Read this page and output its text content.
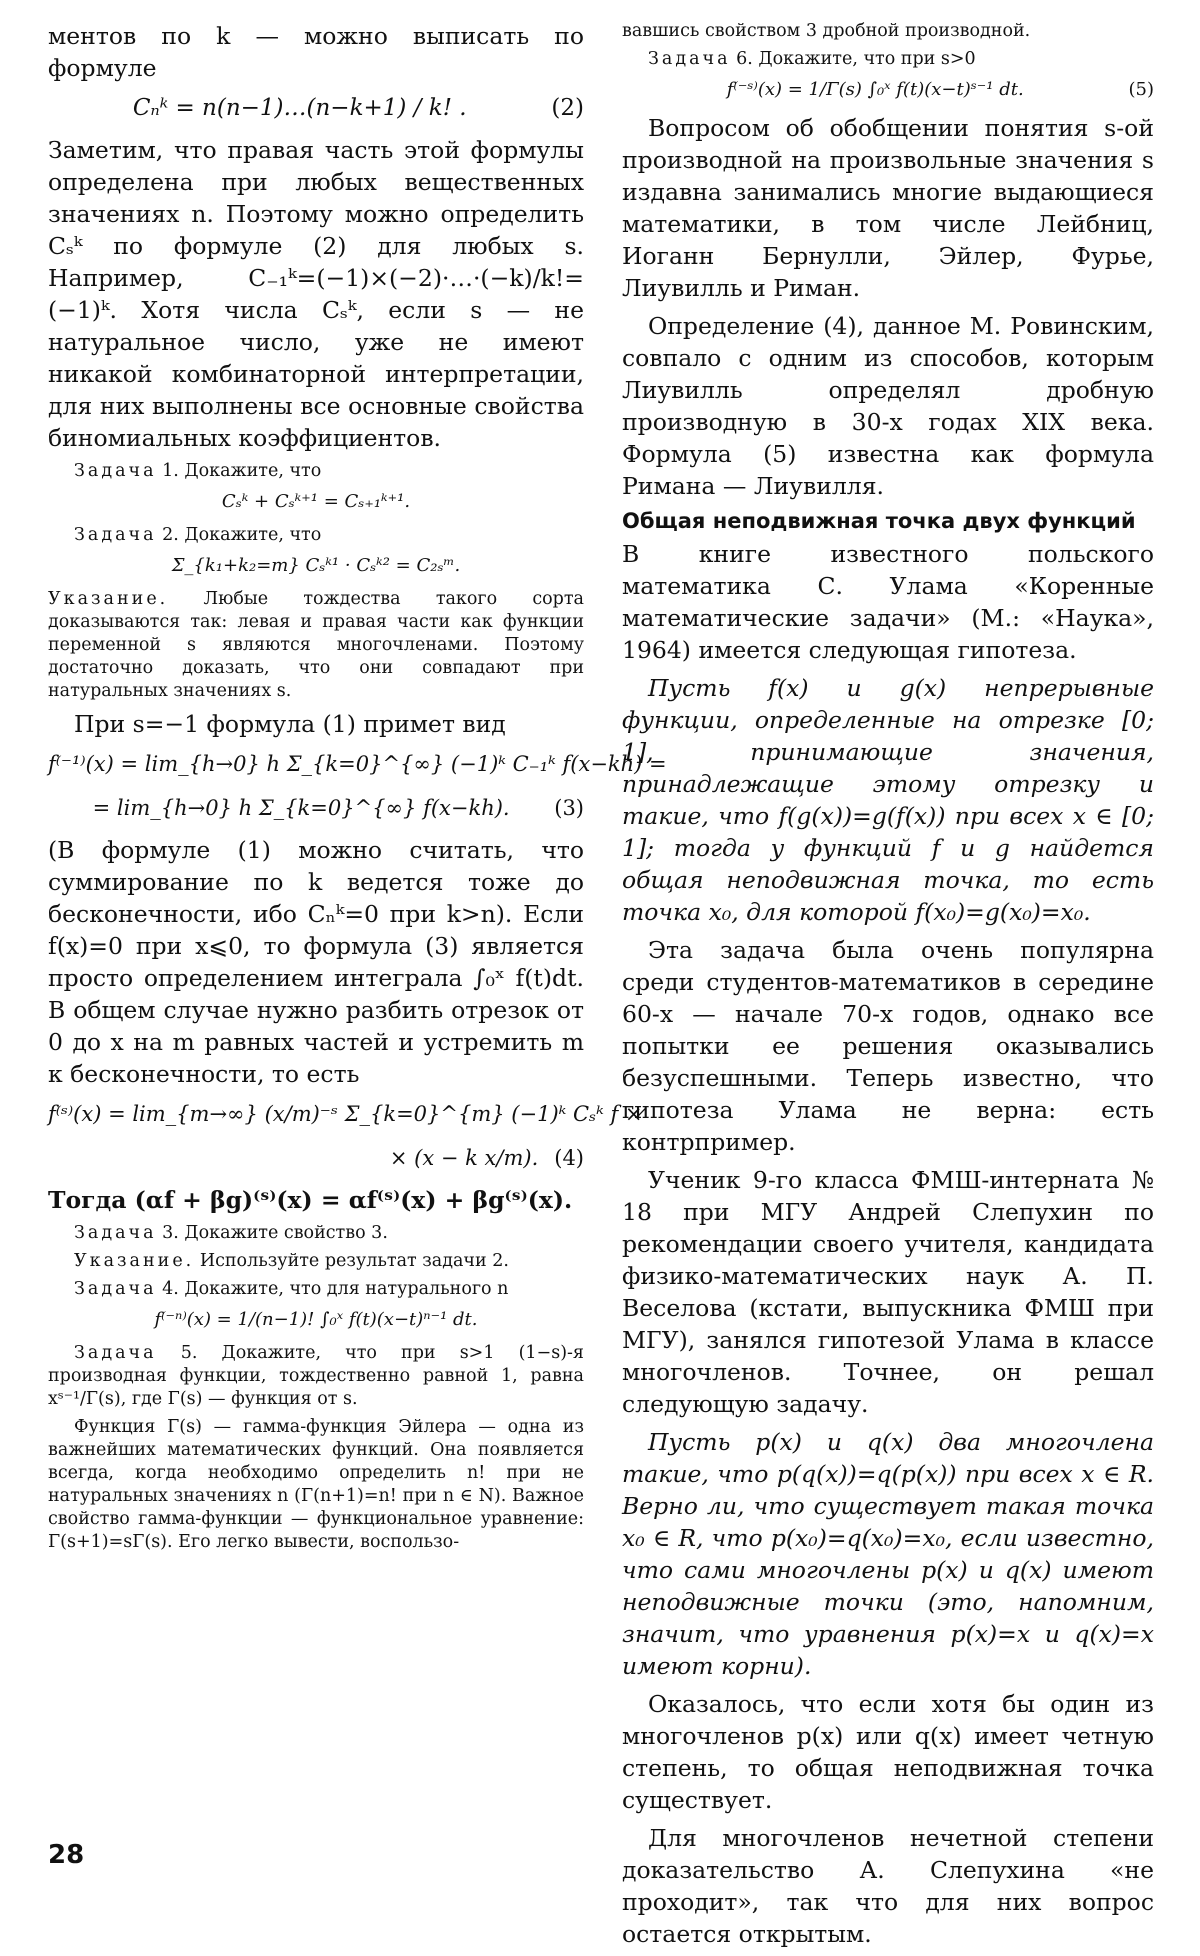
ментов по k — можно выписать по формуле

Cₙᵏ = n(n−1)…(n−k+1) / k! .	(2)

Заметим, что правая часть этой формулы определена при любых вещественных значениях n. Поэтому можно определить Cₛᵏ по формуле (2) для любых s. Например, C₋₁ᵏ=(−1)×(−2)·…·(−k)/k!=(−1)ᵏ. Хотя числа Cₛᵏ, если s — не натуральное число, уже не имеют никакой комбинаторной интерпретации, для них выполнены все основные свойства биномиальных коэффициентов.

Задача 1. Докажите, что

Cₛᵏ + Cₛᵏ⁺¹ = Cₛ₊₁ᵏ⁺¹.

Задача 2. Докажите, что

Σ_{k₁+k₂=m} Cₛᵏ¹ · Cₛᵏ² = C₂ₛᵐ.

Указание. Любые тождества такого сорта доказываются так: левая и правая части как функции переменной s являются многочленами. Поэтому достаточно доказать, что они совпадают при натуральных значениях s.

При s=−1 формула (1) примет вид

f⁽⁻¹⁾(x) = lim_{h→0} h Σ_{k=0}^{∞} (−1)ᵏ C₋₁ᵏ f(x−kh) =
= lim_{h→0} h Σ_{k=0}^{∞} f(x−kh).	(3)

(В формуле (1) можно считать, что суммирование по k ведется тоже до бесконечности, ибо Cₙᵏ=0 при k>n). Если f(x)=0 при x⩽0, то формула (3) является просто определением интеграла ∫₀ˣ f(t)dt. В общем случае нужно разбить отрезок от 0 до x на m равных частей и устремить m к бесконечности, то есть

f⁽ˢ⁾(x) = lim_{m→∞} (x/m)⁻ˢ Σ_{k=0}^{m} (−1)ᵏ Cₛᵏ f ×
× (x − k x/m). (4)

Тогда (αf + βg)⁽ˢ⁾(x) = αf⁽ˢ⁾(x) + βg⁽ˢ⁾(x).

Задача 3. Докажите свойство 3.

Указание. Используйте результат задачи 2.

Задача 4. Докажите, что для натурального n

f⁽⁻ⁿ⁾(x) = 1/(n−1)! ∫₀ˣ f(t)(x−t)ⁿ⁻¹ dt.

Задача 5. Докажите, что при s>1 (1−s)-я производная функции, тождественно равной 1, равна xˢ⁻¹/Γ(s), где Γ(s) — функция от s.

Функция Γ(s) — гамма-функция Эйлера — одна из важнейших математических функций. Она появляется всегда, когда необходимо определить n! при не натуральных значениях n (Γ(n+1)=n! при n ∈ N). Важное свойство гамма-функции — функциональное уравнение: Γ(s+1)=sΓ(s). Его легко вывести, воспользо-

вавшись свойством 3 дробной производной.

Задача 6. Докажите, что при s>0

f⁽⁻ˢ⁾(x) = 1/Γ(s) ∫₀ˣ f(t)(x−t)ˢ⁻¹ dt.	(5)

Вопросом об обобщении понятия s-ой производной на произвольные значения s издавна занимались многие выдающиеся математики, в том числе Лейбниц, Иоганн Бернулли, Эйлер, Фурье, Лиувилль и Риман.

Определение (4), данное М. Ровинским, совпало с одним из способов, которым Лиувилль определял дробную производную в 30-х годах XIX века. Формула (5) известна как формула Римана — Лиувилля.

Общая неподвижная точка двух функций

В книге известного польского математика С. Улама «Коренные математические задачи» (М.: «Наука», 1964) имеется следующая гипотеза.

Пусть f(x) и g(x) непрерывные функции, определенные на отрезке [0; 1], принимающие значения, принадлежащие этому отрезку и такие, что f(g(x))=g(f(x)) при всех x ∈ [0; 1]; тогда у функций f и g найдется общая неподвижная точка, то есть точка x₀, для которой f(x₀)=g(x₀)=x₀.

Эта задача была очень популярна среди студентов-математиков в середине 60-х — начале 70-х годов, однако все попытки ее решения оказывались безуспешными. Теперь известно, что гипотеза Улама не верна: есть контрпример.

Ученик 9-го класса ФМШ-интерната № 18 при МГУ Андрей Слепухин по рекомендации своего учителя, кандидата физико-математических наук А. П. Веселова (кстати, выпускника ФМШ при МГУ), занялся гипотезой Улама в классе многочленов. Точнее, он решал следующую задачу.

Пусть p(x) и q(x) два многочлена такие, что p(q(x))=q(p(x)) при всех x ∈ R. Верно ли, что существует такая точка x₀ ∈ R, что p(x₀)=q(x₀)=x₀, если известно, что сами многочлены p(x) и q(x) имеют неподвижные точки (это, напомним, значит, что уравнения p(x)=x и q(x)=x имеют корни).

Оказалось, что если хотя бы один из многочленов p(x) или q(x) имеет четную степень, то общая неподвижная точка существует.

Для многочленов нечетной степени доказательство А. Слепухина «не проходит», так что для них вопрос остается открытым.

28
